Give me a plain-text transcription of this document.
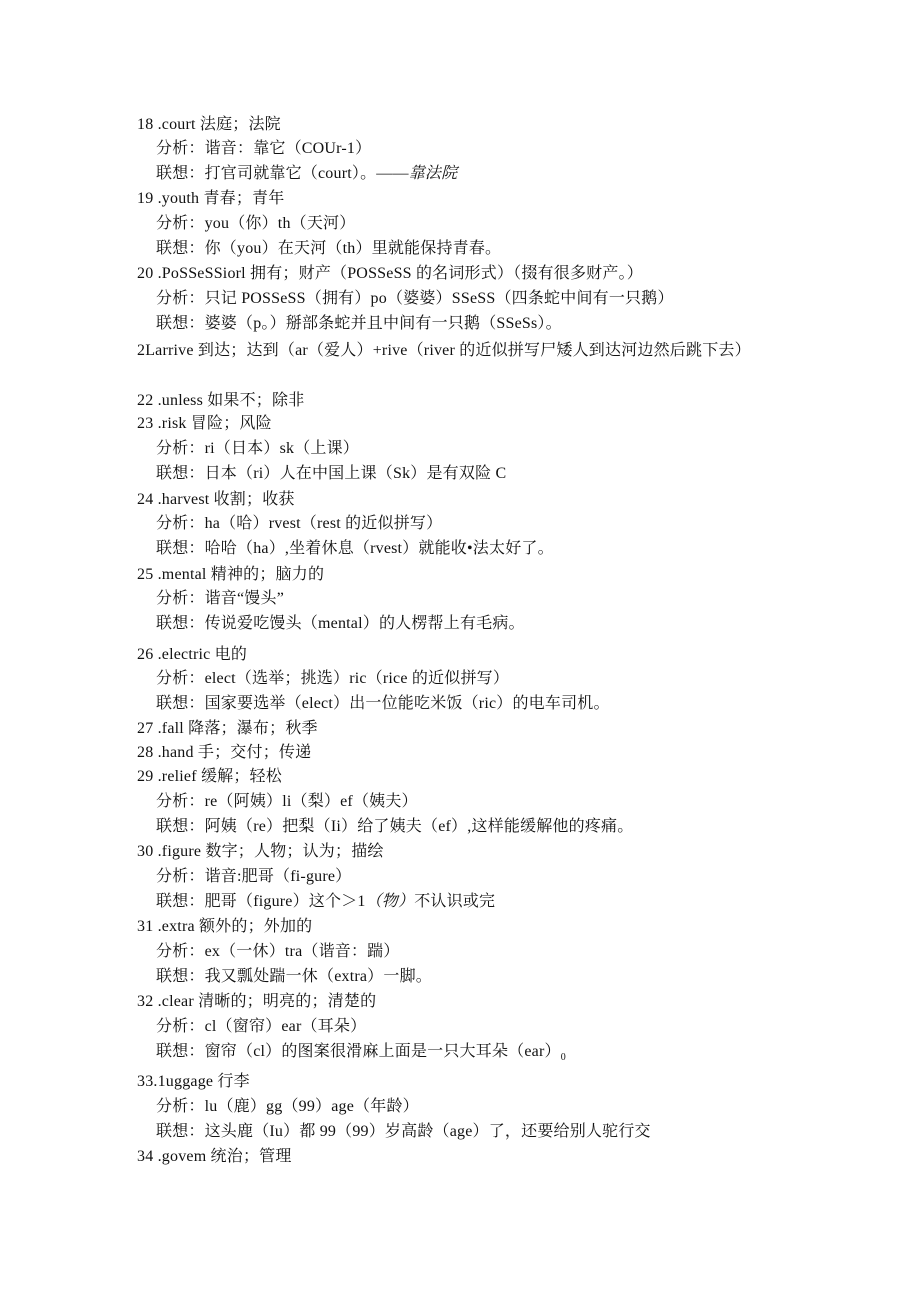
18 .court 法庭；法院
分析：谐音：靠它（COUr-1）
联想：打官司就靠它（court）。——靠法院
19 .youth 青春；青年
分析：you（你）th（天河）
联想：你（you）在天河（th）里就能保持青春。
20 .PoSSeSSiorl 拥有；财产（POSSeSS 的名词形式）（掇有很多财产。）
分析：只记 POSSeSS（拥有）po（婆婆）SSeSS（四条蛇中间有一只鹅）
联想：婆婆（p。）掰部条蛇并且中间有一只鹅（SSeSs）。
2Larrive 到达；达到（ar（爱人）+rive（river 的近似拼写尸矮人到达河边然后跳下去）
22 .unless 如果不；除非
23 .risk 冒险；风险
分析：ri（日本）sk（上课）
联想：日本（ri）人在中国上课（Sk）是有双险 C
24 .harvest 收割；收获
分析：ha（哈）rvest（rest 的近似拼写）
联想：哈哈（ha）,坐着休息（rvest）就能收•法太好了。
25 .mental 精神的；脑力的
分析：谐音“馒头”
联想：传说爱吃馒头（mental）的人楞帮上有毛病。
26 .electric 电的
分析：elect（选举；挑选）ric（rice 的近似拼写）
联想：国家要选举（elect）出一位能吃米饭（ric）的电车司机。
27 .fall 降落；瀑布；秋季
28 .hand 手；交付；传递
29 .relief 缓解；轻松
分析：re（阿姨）li（梨）ef（姨夫）
联想：阿姨（re）把梨（Ii）给了姨夫（ef）,这样能缓解他的疼痛。
30 .figure 数字；人物；认为；描绘
分析：谐音:肥哥（fi-gure）
联想：肥哥（figure）这个＞1（物）不认识或完
31 .extra 额外的；外加的
分析：ex（一休）tra（谐音：踹）
联想：我又瓢处踹一休（extra）一脚。
32 .clear 清晰的；明亮的；清楚的
分析：cl（窗帘）ear（耳朵）
联想：窗帘（cl）的图案很滑麻上面是一只大耳朵$(ear)_0$
33.1uggage 行李
分析：lu（鹿）gg（99）age（年龄）
联想：这头鹿（Iu）都 99（99）岁高龄（age）了，还要给别人驼行交
34 .govem 统治；管理
